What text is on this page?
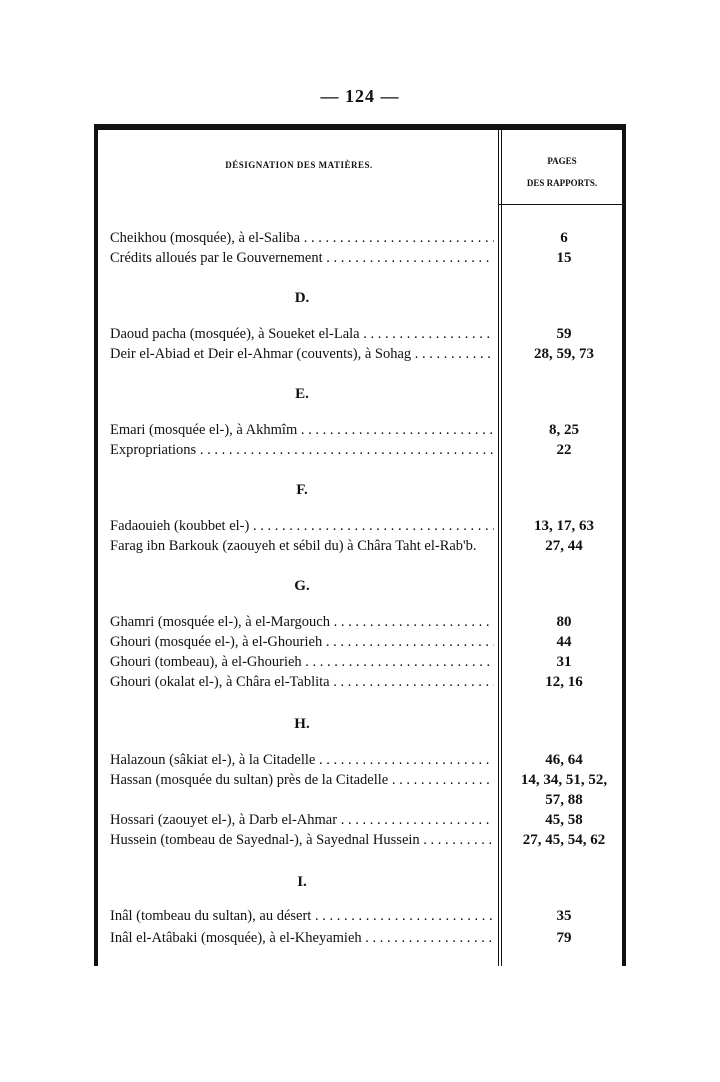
— 124 —
DÉSIGNATION DES MATIÈRES.	PAGES
DES RAPPORTS.
Cheikhou (mosquée), à el-Saliba . . .	6
Crédits alloués par le Gouvernement . . .	15
D.
Daoud pacha (mosquée), à Soueket el-Lala . . .	59
Deir el-Abiad et Deir el-Ahmar (couvents), à Sohag . . .	28, 59, 73
E.
Emari (mosquée el-), à Akhmîm . . .	8, 25
Expropriations . . .	22
F.
Fadaouieh (koubbet el-) . . .	13, 17, 63
Farag ibn Barkouk (zaouyeh et sébil du) à Châra Taht el-Rab'b.	27, 44
G.
Ghamri (mosquée el-), à el-Margouch . . .	80
Ghouri (mosquée el-), à el-Ghourieh . . .	44
Ghouri (tombeau), à el-Ghourieh . . .	31
Ghouri (okalat el-), à Châra el-Tablita . . .	12, 16
H.
Halazoun (sâkiat el-), à la Citadelle . . .	46, 64
Hassan (mosquée du sultan) près de la Citadelle . . .	14, 34, 51, 52,
57, 88
Hossari (zaouyet el-), à Darb el-Ahmar . . .	45, 58
Hussein (tombeau de Sayednal-), à Sayednal Hussein . . .	27, 45, 54, 62
I.
Inâl (tombeau du sultan), au désert . . .	35
Inâl el-Atâbaki (mosquée), à el-Kheyamieh . . .	79
